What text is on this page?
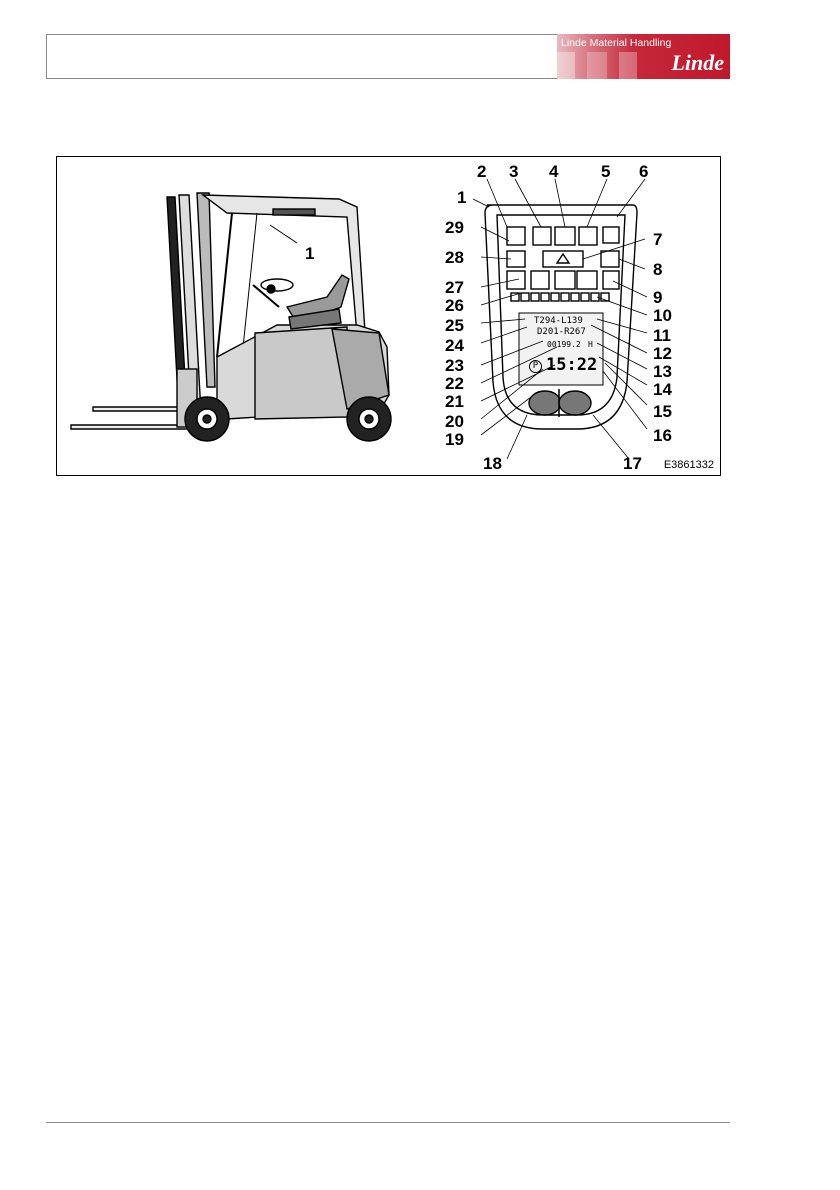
Linde Material Handling
Linde
T294-L139
D201-R267
00199.2 H
15:22
P
1
1
2 3 4	5 6
7
8
9
10
11
12
13
14
15
16
17
18
19
20
21
22
23
24
25
26
27
28
29
E3861332
